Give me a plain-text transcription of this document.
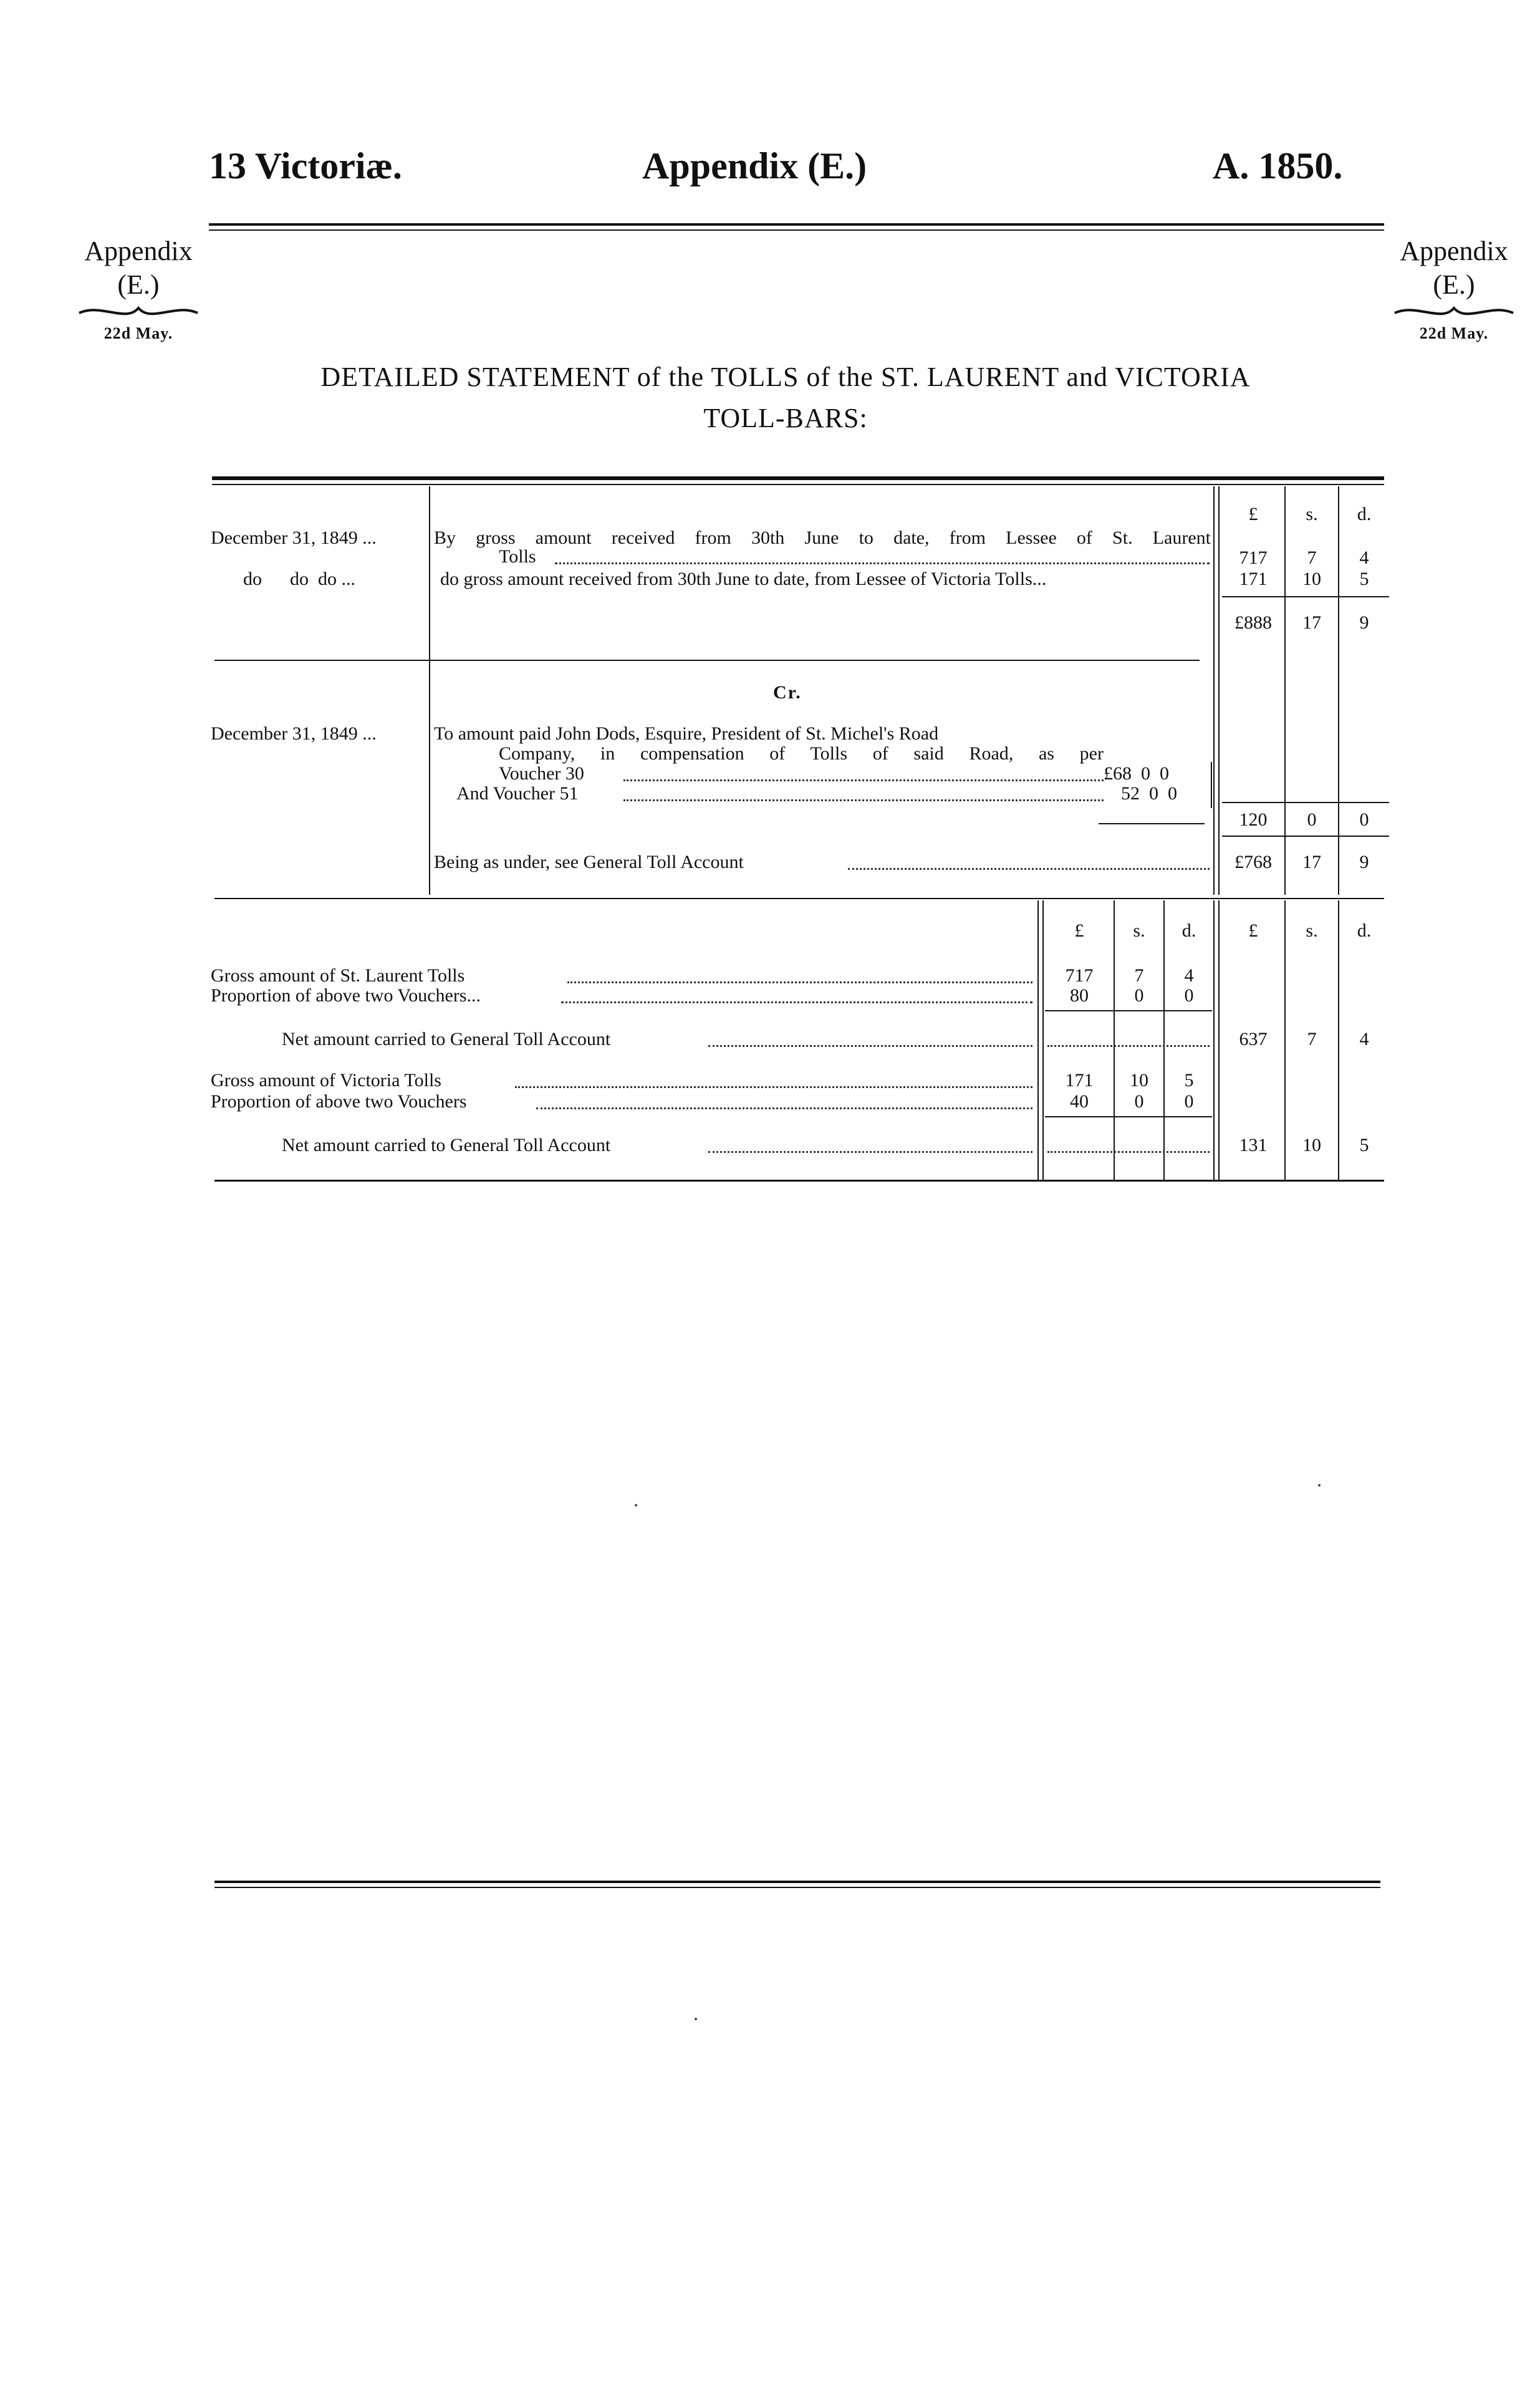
13 Victoriæ.	Appendix (E.)	A. 1850.
Appendix
(E.)
22d May.
Appendix
(E.)
22d May.
DETAILED STATEMENT of the TOLLS of the ST. LAURENT and VICTORIA
TOLL-BARS:
£	s.	d.
December 31, 1849 ...	By gross amount received from 30th June to date, from Lessee of St. Laurent
Tolls	717	7	4
do      do  do ...	do gross amount received from 30th June to date, from Lessee of Victoria Tolls...	171	10	5
£888	17	9
Cr.
December 31, 1849 ...	To amount paid John Dods, Esquire, President of St. Michel's Road
Company, in compensation of Tolls of said Road, as per
Voucher 30	£68  0  0
And Voucher 51	52  0  0
120	0	0
Being as under, see General Toll Account	£768	17	9
£	s.	d.	£	s.	d.
Gross amount of St. Laurent Tolls	717	7	4
Proportion of above two Vouchers...	80	0	0
Net amount carried to General Toll Account	637	7	4
Gross amount of Victoria Tolls	171	10	5
Proportion of above two Vouchers	40	0	0
Net amount carried to General Toll Account	131	10	5
